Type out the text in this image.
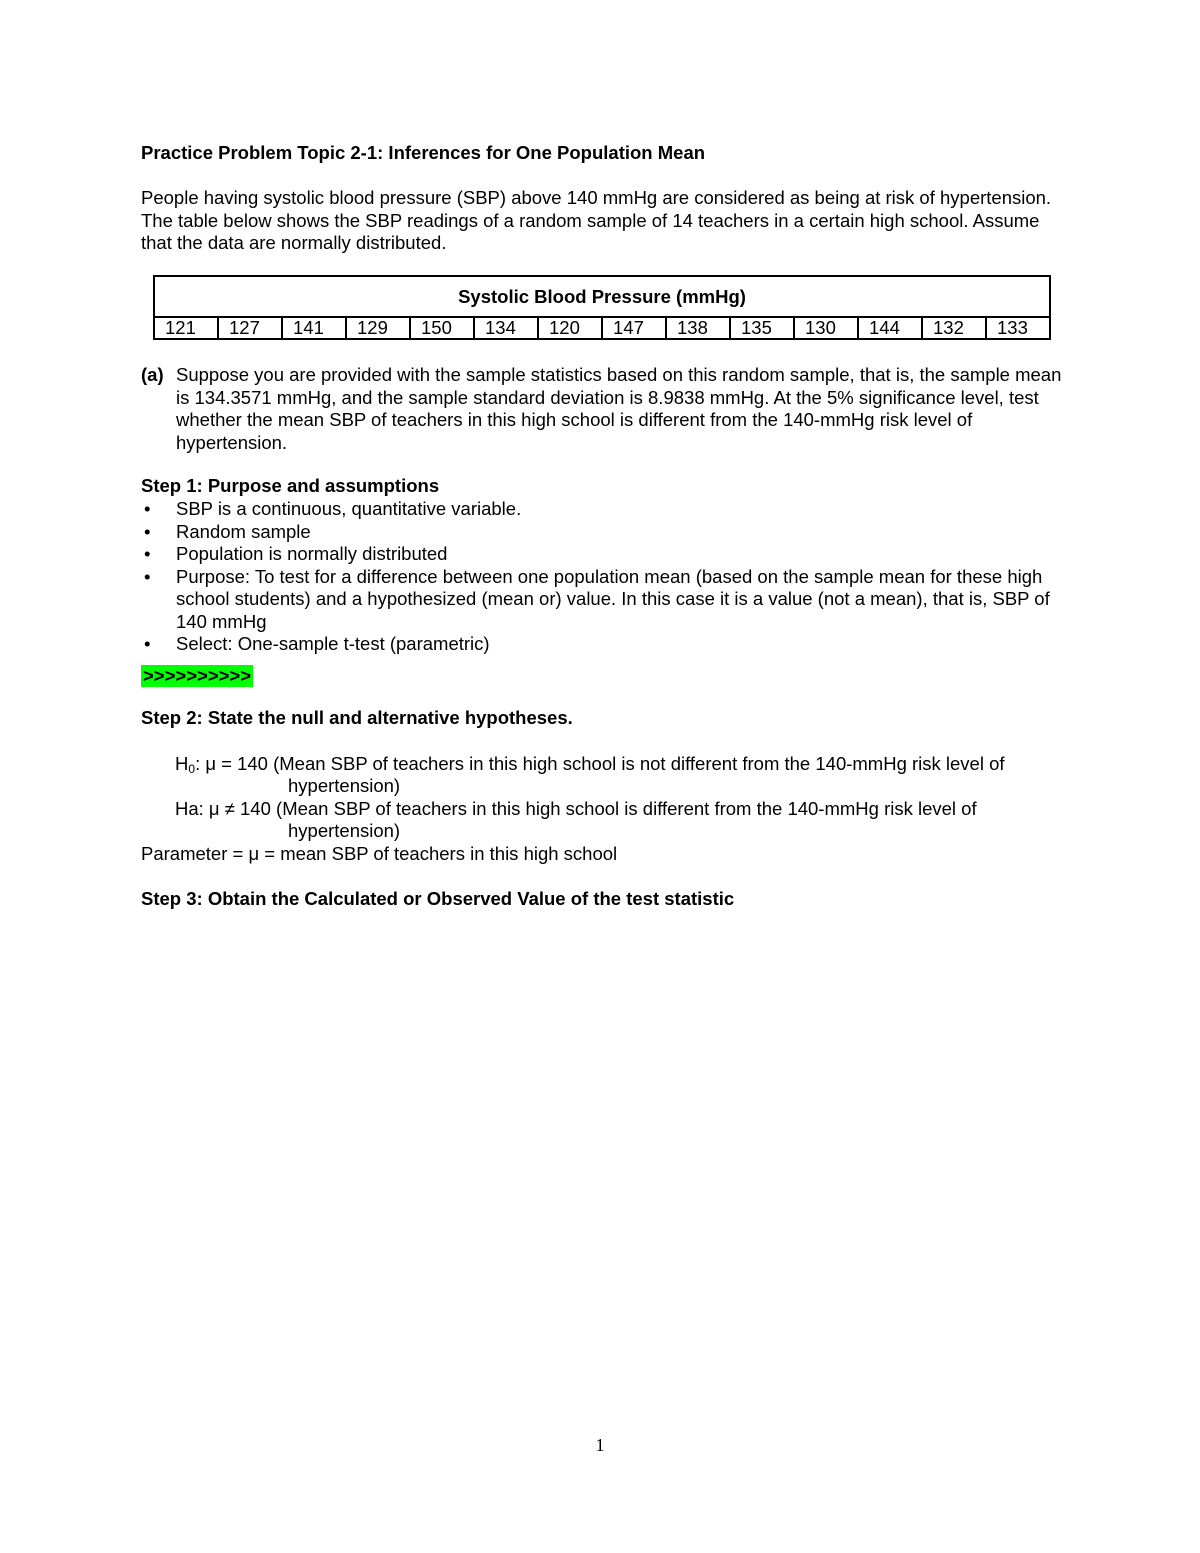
Practice Problem Topic 2-1: Inferences for One Population Mean
People having systolic blood pressure (SBP) above 140 mmHg are considered as being at risk of hypertension. The table below shows the SBP readings of a random sample of 14 teachers in a certain high school. Assume that the data are normally distributed.
Systolic Blood Pressure (mmHg)
121	127	141	129	150	134	120	147	138	135	130	144	132	133
(a) Suppose you are provided with the sample statistics based on this random sample, that is, the sample mean is 134.3571 mmHg, and the sample standard deviation is 8.9838 mmHg. At the 5% significance level, test whether the mean SBP of teachers in this high school is different from the 140-mmHg risk level of hypertension.
Step 1: Purpose and assumptions
• SBP is a continuous, quantitative variable.
• Random sample
• Population is normally distributed
• Purpose: To test for a difference between one population mean (based on the sample mean for these high school students) and a hypothesized (mean or) value. In this case it is a value (not a mean), that is, SBP of 140 mmHg
• Select: One-sample t-test (parametric)
>>>>>>>>>>
Step 2: State the null and alternative hypotheses.
$H_0$: μ = 140 (Mean SBP of teachers in this high school is not different from the 140-mmHg risk level of
hypertension)
Ha: μ ≠ 140 (Mean SBP of teachers in this high school is different from the 140-mmHg risk level of
hypertension)
Parameter = μ = mean SBP of teachers in this high school
Step 3: Obtain the Calculated or Observed Value of the test statistic
1
